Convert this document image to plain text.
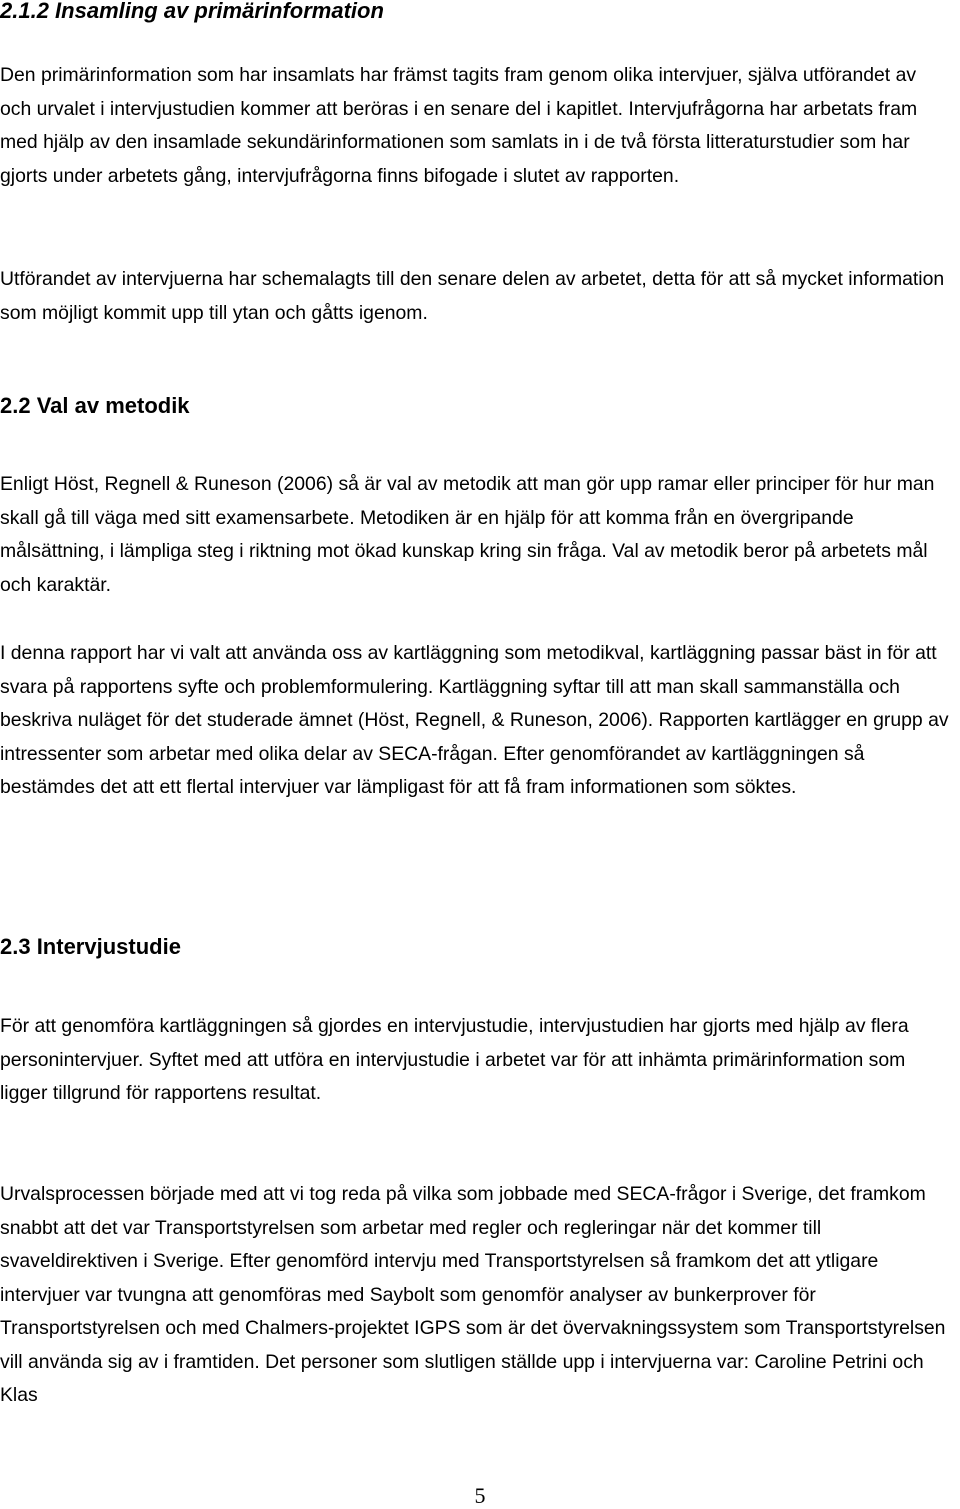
2.1.2 Insamling av primärinformation

Den primärinformation som har insamlats har främst tagits fram genom olika intervjuer, själva utförandet av och urvalet i intervjustudien kommer att beröras i en senare del i kapitlet. Intervjufrågorna har arbetats fram med hjälp av den insamlade sekundärinformationen som samlats in i de två första litteraturstudier som har gjorts under arbetets gång, intervjufrågorna finns bifogade i slutet av rapporten.

Utförandet av intervjuerna har schemalagts till den senare delen av arbetet, detta för att så mycket information som möjligt kommit upp till ytan och gåtts igenom.

2.2 Val av metodik

Enligt Höst, Regnell & Runeson (2006) så är val av metodik att man gör upp ramar eller principer för hur man skall gå till väga med sitt examensarbete. Metodiken är en hjälp för att komma från en övergripande målsättning, i lämpliga steg i riktning mot ökad kunskap kring sin fråga. Val av metodik beror på arbetets mål och karaktär.

I denna rapport har vi valt att använda oss av kartläggning som metodikval, kartläggning passar bäst in för att svara på rapportens syfte och problemformulering. Kartläggning syftar till att man skall sammanställa och beskriva nuläget för det studerade ämnet (Höst, Regnell, & Runeson, 2006). Rapporten kartlägger en grupp av intressenter som arbetar med olika delar av SECA-frågan. Efter genomförandet av kartläggningen så bestämdes det att ett flertal intervjuer var lämpligast för att få fram informationen som söktes.

2.3 Intervjustudie

För att genomföra kartläggningen så gjordes en intervjustudie, intervjustudien har gjorts med hjälp av flera personintervjuer. Syftet med att utföra en intervjustudie i arbetet var för att inhämta primärinformation som ligger tillgrund för rapportens resultat.

Urvalsprocessen började med att vi tog reda på vilka som jobbade med SECA-frågor i Sverige, det framkom snabbt att det var Transportstyrelsen som arbetar med regler och regleringar när det kommer till svaveldirektiven i Sverige. Efter genomförd intervju med Transportstyrelsen så framkom det att ytligare intervjuer var tvungna att genomföras med Saybolt som genomför analyser av bunkerprover för Transportstyrelsen och med Chalmers-projektet IGPS som är det övervakningssystem som Transportstyrelsen vill använda sig av i framtiden. Det personer som slutligen ställde upp i intervjuerna var: Caroline Petrini och Klas

5
